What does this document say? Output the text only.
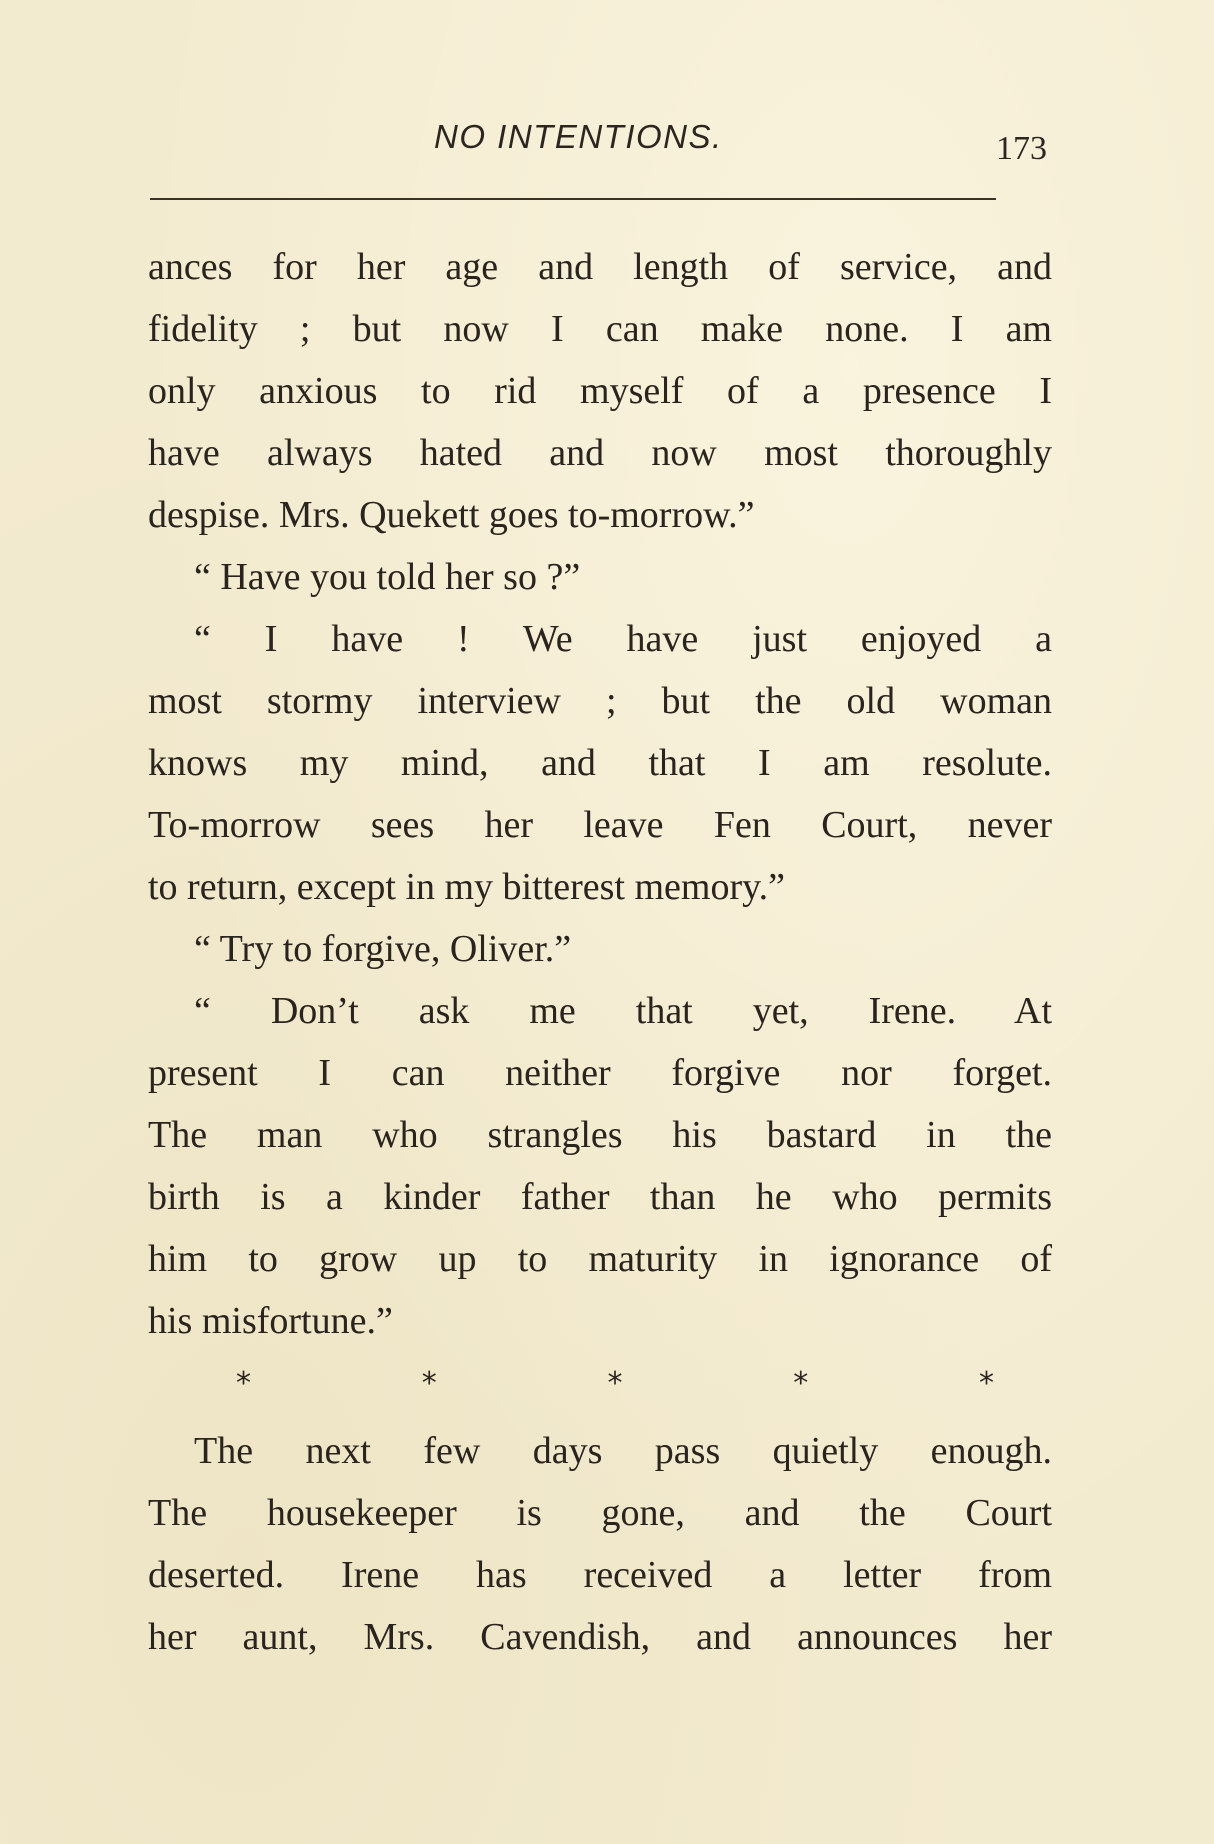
NO INTENTIONS.	173
ances for her age and length of service, and
fidelity ; but now I can make none. I am
only anxious to rid myself of a presence I
have always hated and now most thoroughly
despise. Mrs. Quekett goes to-morrow.”
“ Have you told her so ?”
“ I have ! We have just enjoyed a
most stormy interview ; but the old woman
knows my mind, and that I am resolute.
To-morrow sees her leave Fen Court, never
to return, except in my bitterest memory.”
“ Try to forgive, Oliver.”
“ Don’t ask me that yet, Irene. At
present I can neither forgive nor forget.
The man who strangles his bastard in the
birth is a kinder father than he who permits
him to grow up to maturity in ignorance of
his misfortune.”
*	*	*	*	*
The next few days pass quietly enough.
The housekeeper is gone, and the Court
deserted. Irene has received a letter from
her aunt, Mrs. Cavendish, and announces her
